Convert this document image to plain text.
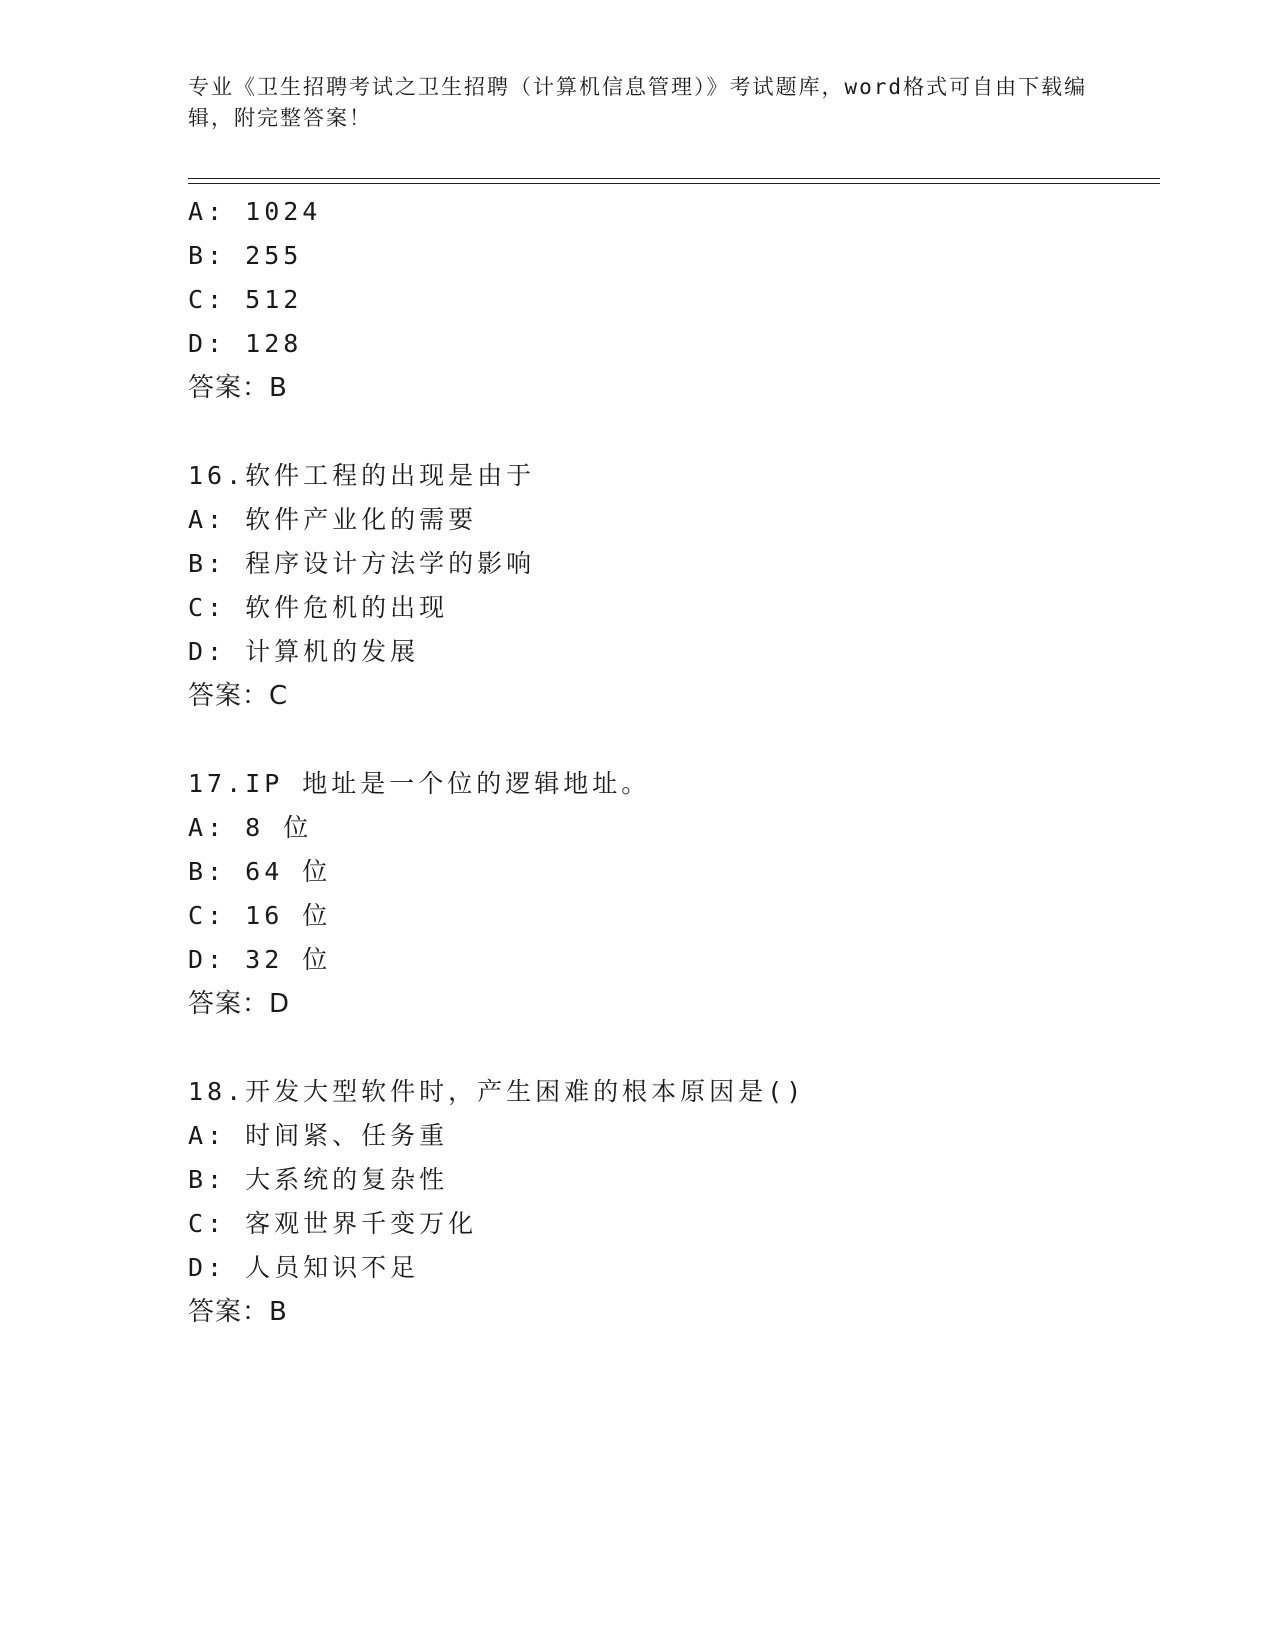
专业《卫生招聘考试之卫生招聘（计算机信息管理）》考试题库，word格式可自由下载编辑，附完整答案！
A: 1024
B: 255
C: 512
D: 128
答案：B
16.软件工程的出现是由于
A: 软件产业化的需要
B: 程序设计方法学的影响
C: 软件危机的出现
D: 计算机的发展
答案：C
17.IP 地址是一个位的逻辑地址。
A: 8 位
B: 64 位
C: 16 位
D: 32 位
答案：D
18.开发大型软件时，产生困难的根本原因是()
A: 时间紧、任务重
B: 大系统的复杂性
C: 客观世界千变万化
D: 人员知识不足
答案：B
